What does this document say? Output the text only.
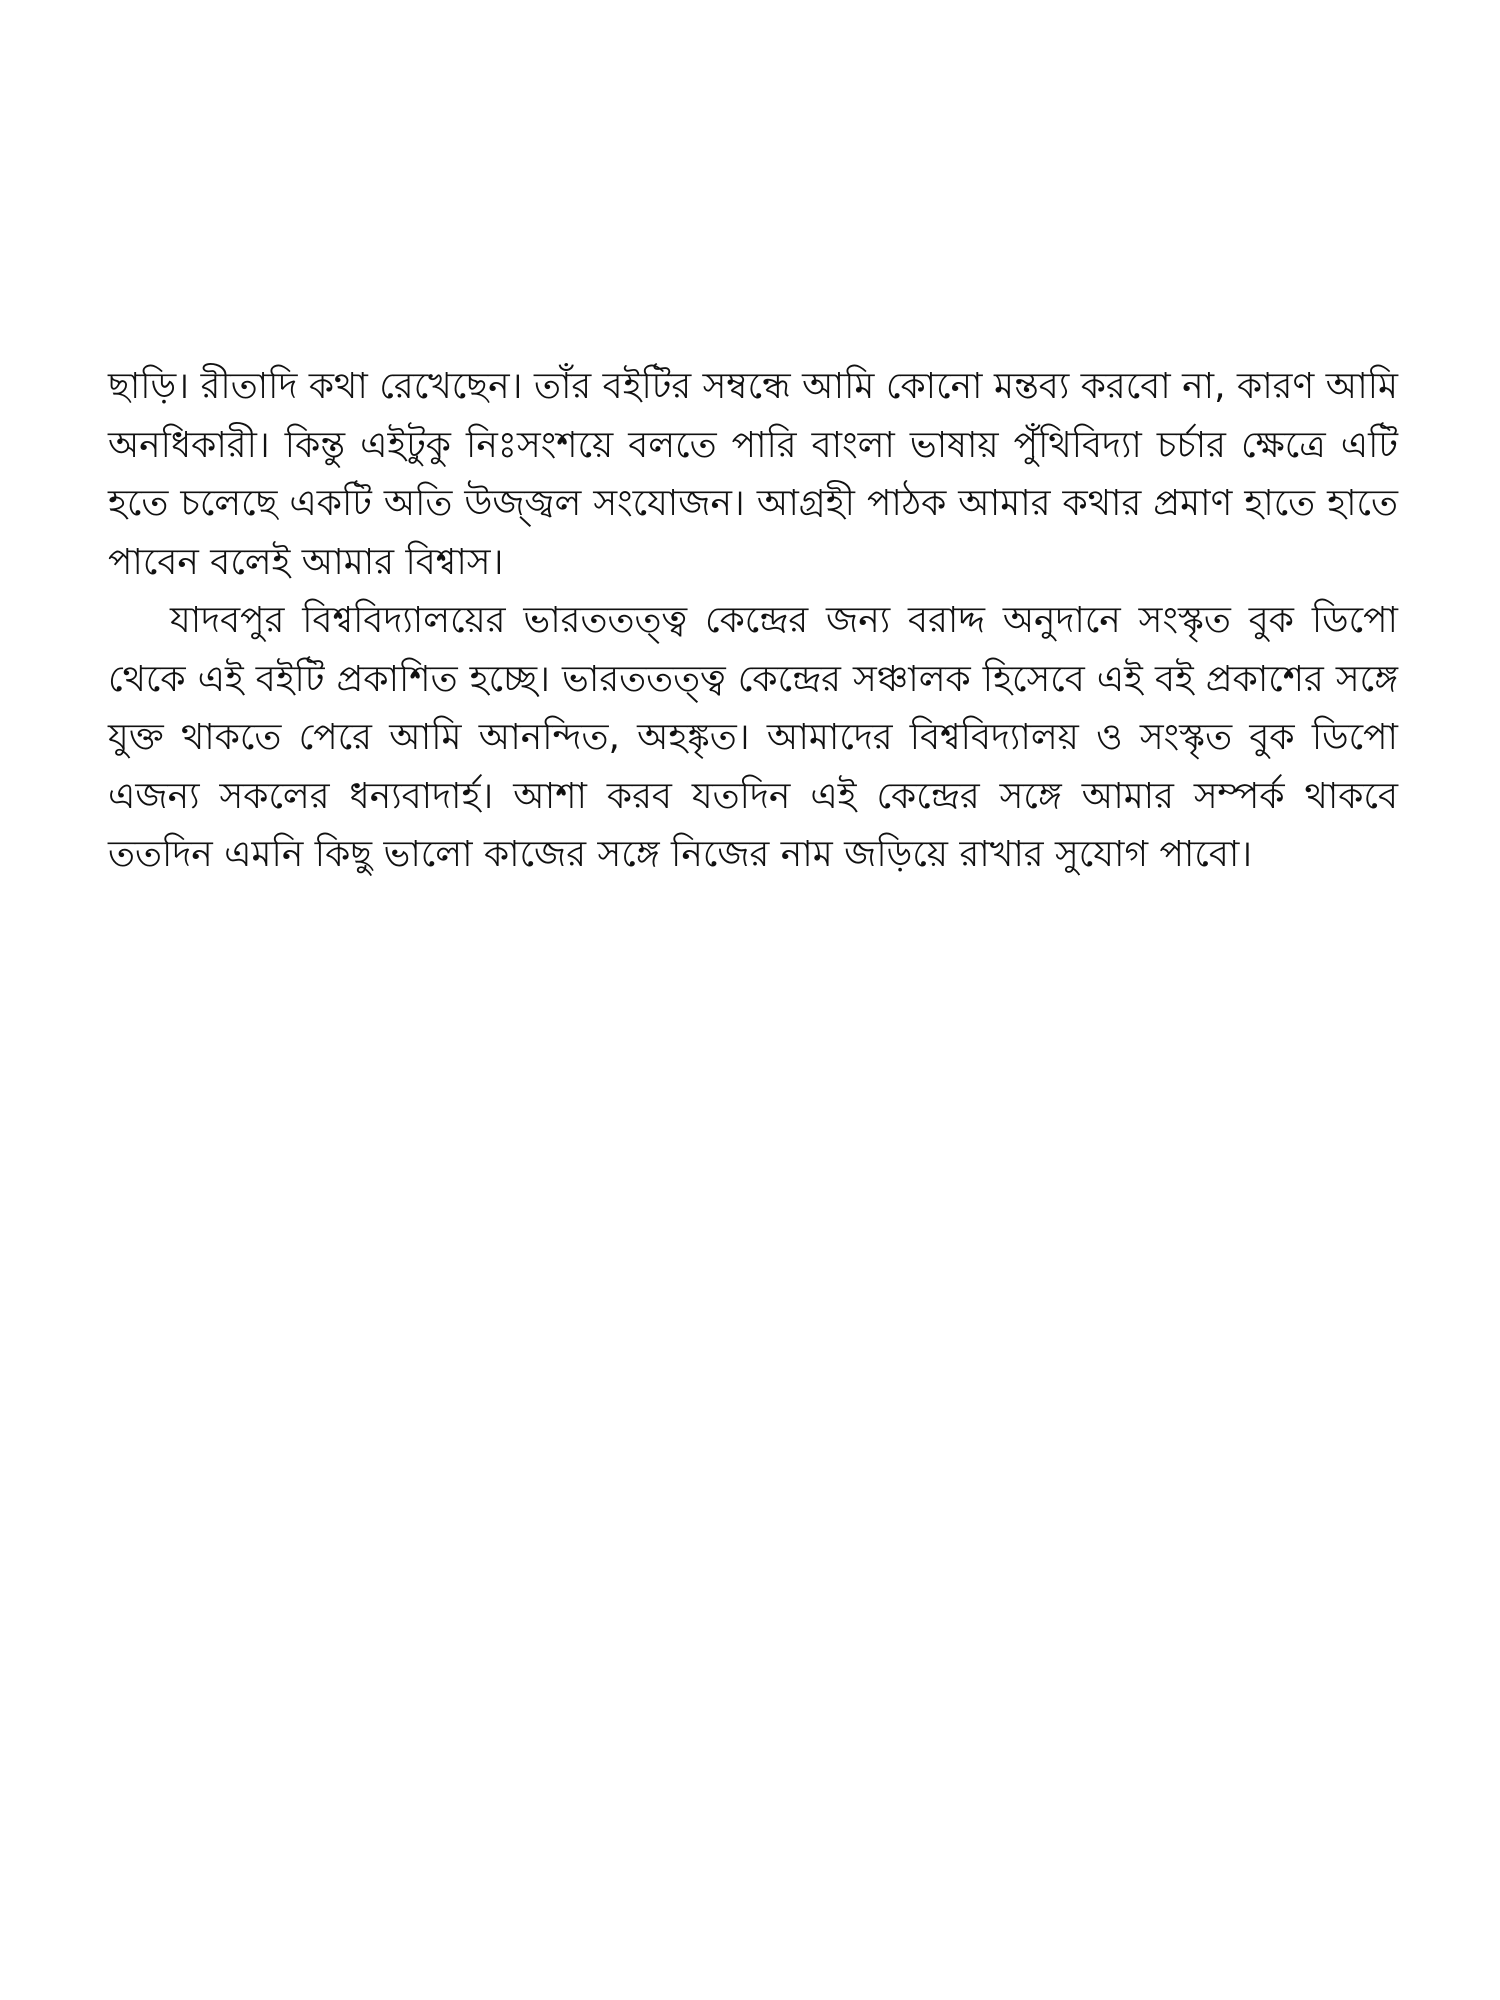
ছাড়ি। রীতাদি কথা রেখেছেন। তাঁর বইটির সম্বন্ধে আমি কোনো মন্তব্য করবো না, কারণ আমি অনধিকারী। কিন্তু এইটুকু নিঃসংশয়ে বলতে পারি বাংলা ভাষায় পুঁথিবিদ্যা চর্চার ক্ষেত্রে এটি হতে চলেছে একটি অতি উজ্জ্বল সংযোজন। আগ্রহী পাঠক আমার কথার প্রমাণ হাতে হাতে পাবেন বলেই আমার বিশ্বাস।

যাদবপুর বিশ্ববিদ্যালয়ের ভারততত্ত্ব কেন্দ্রের জন্য বরাদ্দ অনুদানে সংস্কৃত বুক ডিপো থেকে এই বইটি প্রকাশিত হচ্ছে। ভারততত্ত্ব কেন্দ্রের সঞ্চালক হিসেবে এই বই প্রকাশের সঙ্গে যুক্ত থাকতে পেরে আমি আনন্দিত, অহঙ্কৃত। আমাদের বিশ্ববিদ্যালয় ও সংস্কৃত বুক ডিপো এজন্য সকলের ধন্যবাদার্হ। আশা করব যতদিন এই কেন্দ্রের সঙ্গে আমার সম্পর্ক থাকবে ততদিন এমনি কিছু ভালো কাজের সঙ্গে নিজের নাম জড়িয়ে রাখার সুযোগ পাবো।
